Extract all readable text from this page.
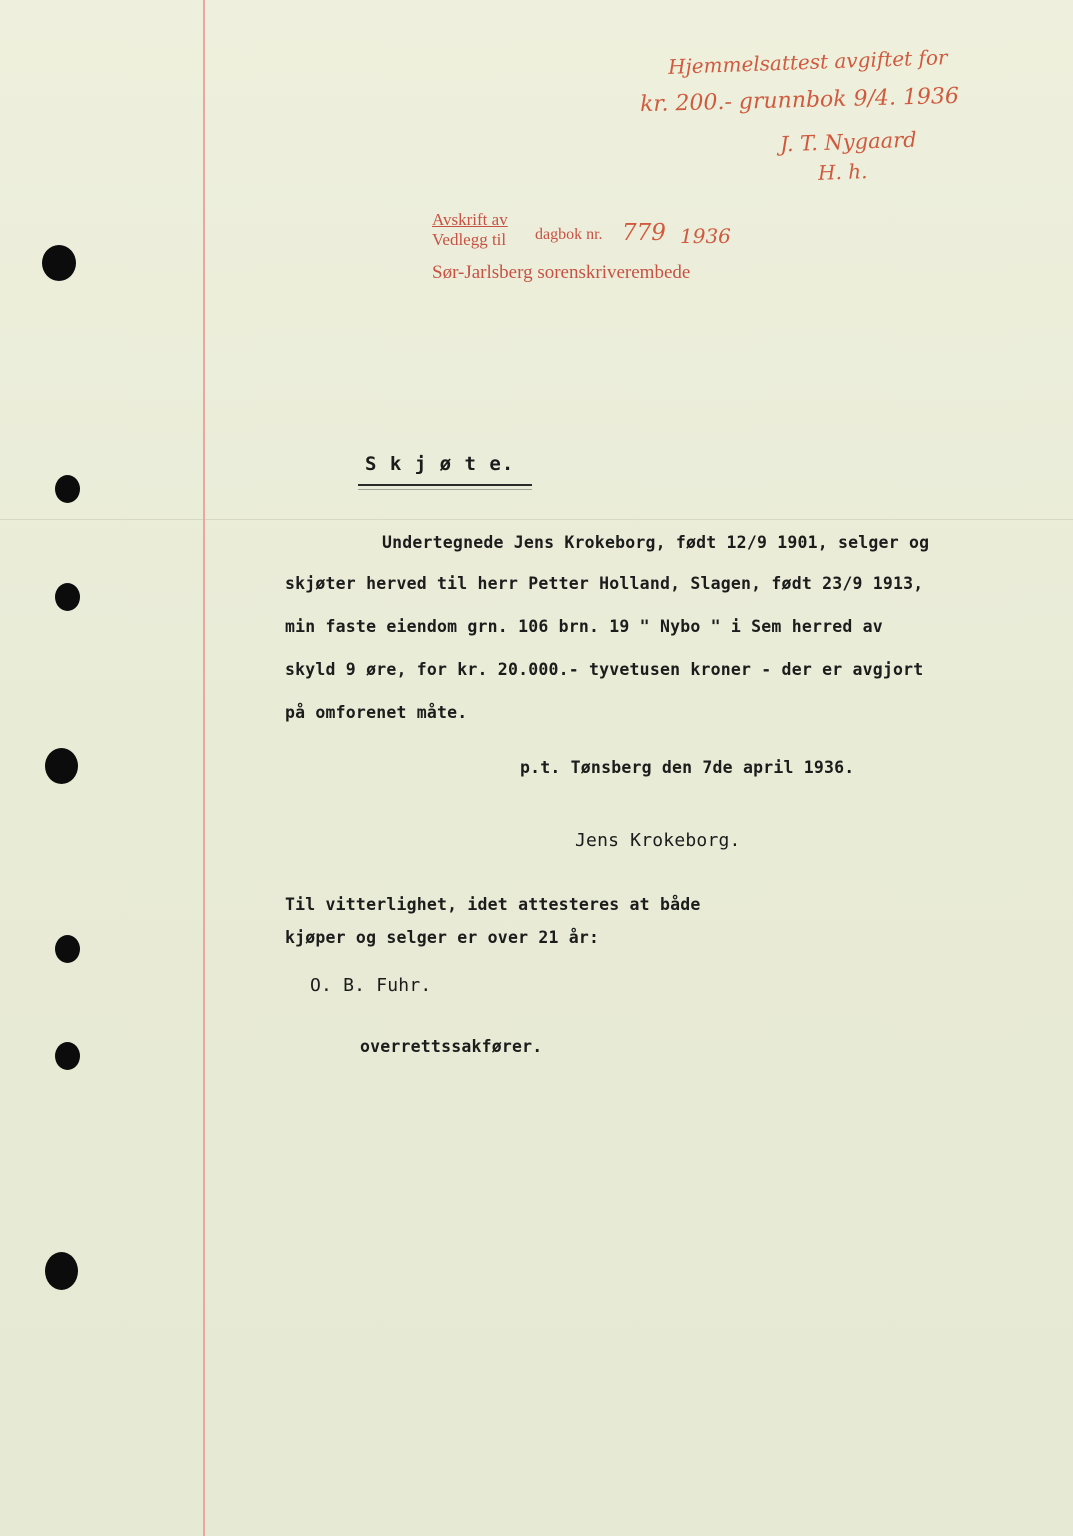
Hjemmelsattest avgiftet for
kr. 200.- grunnbok 9/4. 1936
J. T. Nygaard
H. h.
Avskrift av
Vedlegg til dagbok nr. 779 1936
Sør-Jarlsberg sorenskriverembede
S k j ø t e.
Undertegnede Jens Krokeborg, født 12/9 1901, selger og
skjøter herved til herr Petter Holland, Slagen, født 23/9 1913,
min faste eiendom grn. 106 brn. 19 " Nybo " i Sem herred av
skyld 9 øre, for kr. 20.000.- tyvetusen kroner - der er avgjort
på omforenet måte.
p.t. Tønsberg den 7de april 1936.
Jens Krokeborg.
Til vitterlighet, idet attesteres at både
kjøper og selger er over 21 år:
O. B. Fuhr.
overrettssakfører.
